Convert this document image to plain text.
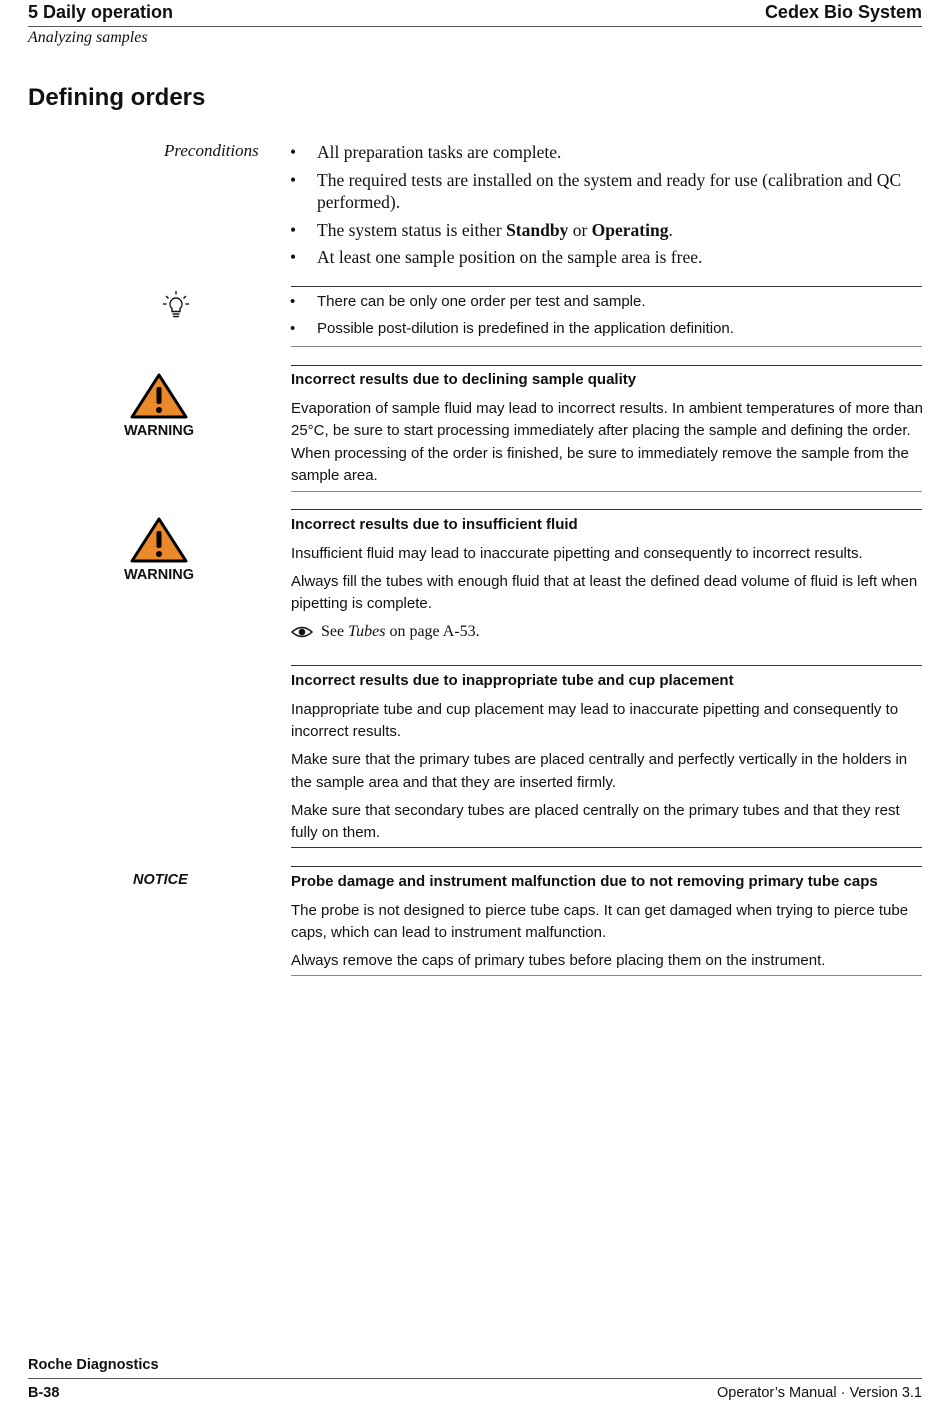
5 Daily operation	Cedex Bio System
Analyzing samples
Defining orders
Preconditions
•	All preparation tasks are complete.
• The required tests are installed on the system and ready for use (calibration and QC performed).
• The system status is either Standby or Operating.
• At least one sample position on the sample area is free.
• There can be only one order per test and sample.
• Possible post-dilution is predefined in the application definition.
WARNING
Incorrect results due to declining sample quality

Evaporation of sample fluid may lead to incorrect results. In ambient temperatures of more than 25°C, be sure to start processing immediately after placing the sample and defining the order. When processing of the order is finished, be sure to immediately remove the sample from the sample area.

WARNING
Incorrect results due to insufficient fluid

Insufficient fluid may lead to inaccurate pipetting and consequently to incorrect results.

Always fill the tubes with enough fluid that at least the defined dead volume of fluid is left when pipetting is complete.

See Tubes on page A-53.
Incorrect results due to inappropriate tube and cup placement

Inappropriate tube and cup placement may lead to inaccurate pipetting and consequently to incorrect results.

Make sure that the primary tubes are placed centrally and perfectly vertically in the holders in the sample area and that they are inserted firmly.

Make sure that secondary tubes are placed centrally on the primary tubes and that they rest fully on them.

NOTICE	Probe damage and instrument malfunction due to not removing primary tube caps

The probe is not designed to pierce tube caps. It can get damaged when trying to pierce tube caps, which can lead to instrument malfunction.

Always remove the caps of primary tubes before placing them on the instrument.

Roche Diagnostics
B-38	Operator’s Manual · Version 3.1
